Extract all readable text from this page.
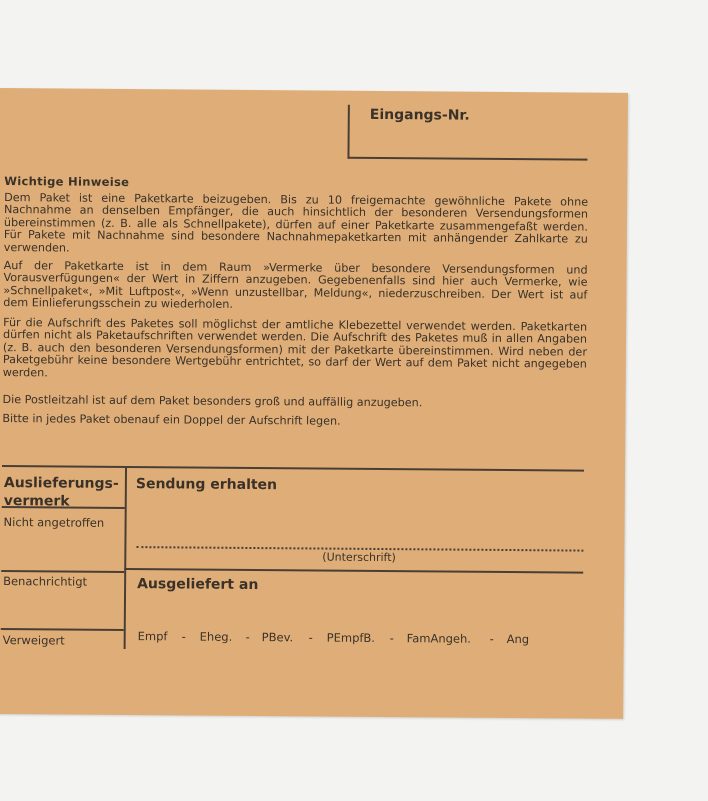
Eingangs-Nr.
Wichtige Hinweise

Dem Paket ist eine Paketkarte beizugeben. Bis zu 10 freigemachte gewöhnliche Pakete ohne Nachnahme an denselben Empfänger, die auch hinsichtlich der besonderen Versendungsformen übereinstimmen (z. B. alle als Schnellpakete), dürfen auf einer Paketkarte zusammengefaßt werden. Für Pakete mit Nachnahme sind besondere Nachnahmepaketkarten mit anhängender Zahlkarte zu verwenden.

Auf der Paketkarte ist in dem Raum »Vermerke über besondere Versendungsformen und Vorausverfügungen« der Wert in Ziffern anzugeben. Gegebenenfalls sind hier auch Vermerke, wie »Schnellpaket«, »Mit Luftpost«, »Wenn unzustellbar, Meldung«, niederzuschreiben. Der Wert ist auf dem Einlieferungsschein zu wiederholen.

Für die Aufschrift des Paketes soll möglichst der amtliche Klebezettel verwendet werden. Paketkarten dürfen nicht als Paketaufschriften verwendet werden. Die Aufschrift des Paketes muß in allen Angaben (z. B. auch den besonderen Versendungsformen) mit der Paketkarte übereinstimmen. Wird neben der Paketgebühr keine besondere Wertgebühr entrichtet, so darf der Wert auf dem Paket nicht angegeben werden.

Die Postleitzahl ist auf dem Paket besonders groß und auffällig anzugeben.

Bitte in jedes Paket obenauf ein Doppel der Aufschrift legen.

Auslieferungs-
vermerk
Nicht angetroffen
Benachrichtigt
Verweigert
Sendung erhalten
(Unterschrift)
Ausgeliefert an
Empf - Eheg. - PBev. - PEmpfB. - FamAngeh. - Ang
